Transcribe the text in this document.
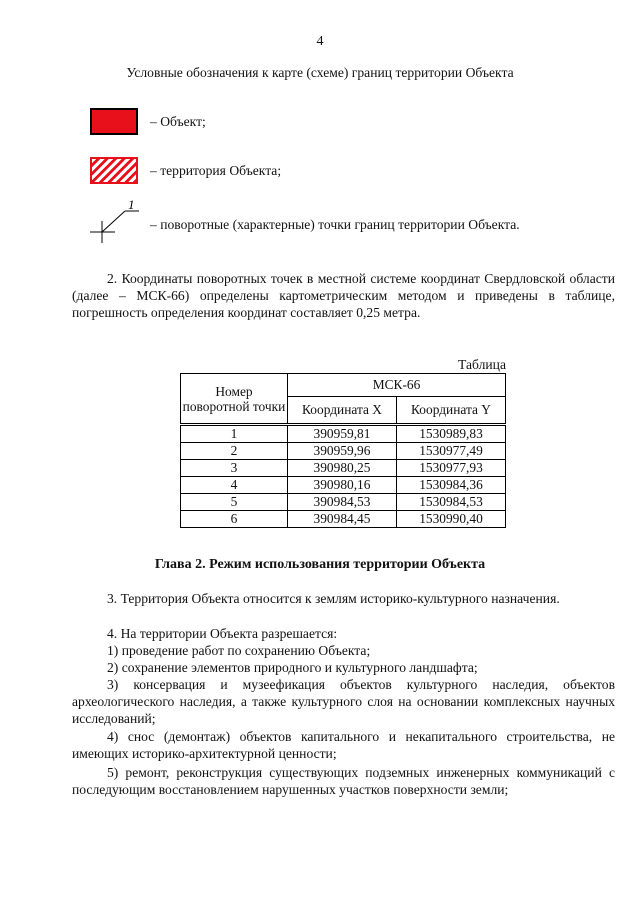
4
Условные обозначения к карте (схеме) границ территории Объекта
– Объект;
– территория Объекта;
1
– поворотные (характерные) точки границ территории Объекта.
2. Координаты поворотных точек в местной системе координат Свердловской области (далее – МСК-66) определены картометрическим методом и приведены в таблице, погрешность определения координат составляет 0,25 метра.
Таблица
Номер поворотной точки	МСК-66	
	Координата X	Координата Y
1	390959,81	1530989,83
2	390959,96	1530977,49
3	390980,25	1530977,93
4	390980,16	1530984,36
5	390984,53	1530984,53
6	390984,45	1530990,40
Глава 2. Режим использования территории Объекта
3. Территория Объекта относится к землям историко-культурного назначения.
4. На территории Объекта разрешается:
1) проведение работ по сохранению Объекта;
2) сохранение элементов природного и культурного ландшафта;
3) консервация и музеефикация объектов культурного наследия, объектов археологического наследия, а также культурного слоя на основании комплексных научных исследований;
4) снос (демонтаж) объектов капитального и некапитального строительства, не имеющих историко-архитектурной ценности;
5) ремонт, реконструкция существующих подземных инженерных коммуникаций с последующим восстановлением нарушенных участков поверхности земли;
